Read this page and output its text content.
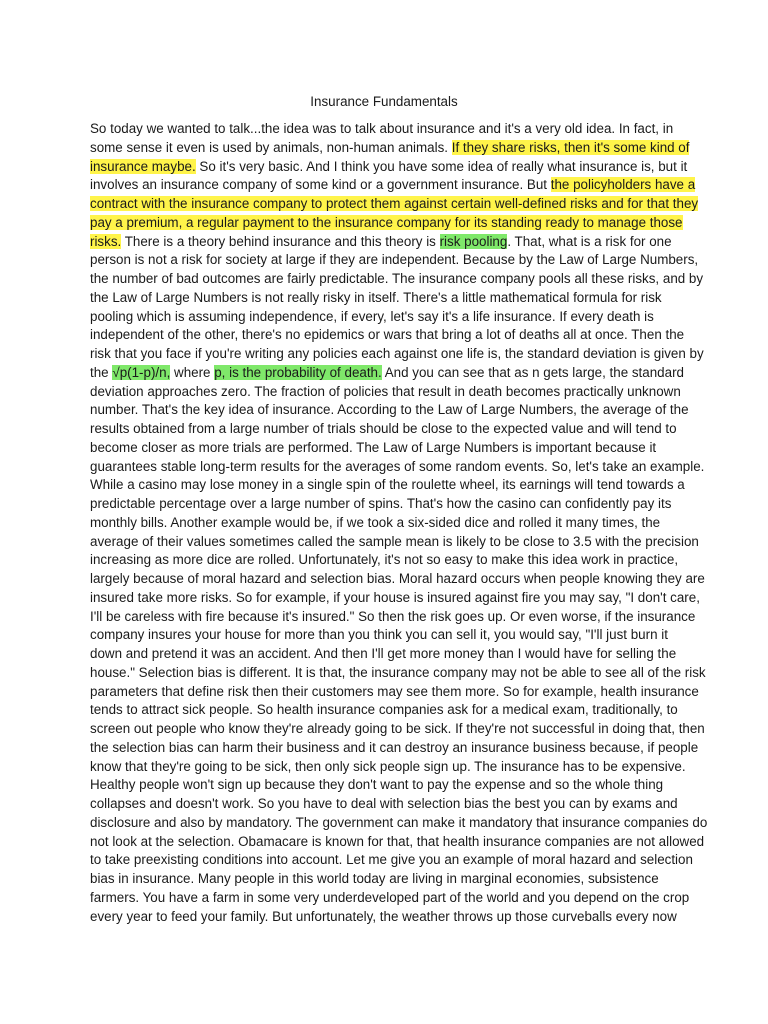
Insurance Fundamentals
So today we wanted to talk...the idea was to talk about insurance and it's a very old idea. In fact, in
some sense it even is used by animals, non-human animals. If they share risks, then it's some kind of
insurance maybe. So it's very basic. And I think you have some idea of really what insurance is, but it
involves an insurance company of some kind or a government insurance. But the policyholders have a
contract with the insurance company to protect them against certain well-defined risks and for that they
pay a premium, a regular payment to the insurance company for its standing ready to manage those
risks. There is a theory behind insurance and this theory is risk pooling. That, what is a risk for one
person is not a risk for society at large if they are independent. Because by the Law of Large Numbers,
the number of bad outcomes are fairly predictable. The insurance company pools all these risks, and by
the Law of Large Numbers is not really risky in itself. There's a little mathematical formula for risk
pooling which is assuming independence, if every, let's say it's a life insurance. If every death is
independent of the other, there's no epidemics or wars that bring a lot of deaths all at once. Then the
risk that you face if you're writing any policies each against one life is, the standard deviation is given by
the √p(1-p)/n, where p, is the probability of death. And you can see that as n gets large, the standard
deviation approaches zero. The fraction of policies that result in death becomes practically unknown
number. That's the key idea of insurance. According to the Law of Large Numbers, the average of the
results obtained from a large number of trials should be close to the expected value and will tend to
become closer as more trials are performed. The Law of Large Numbers is important because it
guarantees stable long-term results for the averages of some random events. So, let's take an example.
While a casino may lose money in a single spin of the roulette wheel, its earnings will tend towards a
predictable percentage over a large number of spins. That's how the casino can confidently pay its
monthly bills. Another example would be, if we took a six-sided dice and rolled it many times, the
average of their values sometimes called the sample mean is likely to be close to 3.5 with the precision
increasing as more dice are rolled. Unfortunately, it's not so easy to make this idea work in practice,
largely because of moral hazard and selection bias. Moral hazard occurs when people knowing they are
insured take more risks. So for example, if your house is insured against fire you may say, "I don't care,
I'll be careless with fire because it's insured." So then the risk goes up. Or even worse, if the insurance
company insures your house for more than you think you can sell it, you would say, "I'll just burn it
down and pretend it was an accident. And then I'll get more money than I would have for selling the
house." Selection bias is different. It is that, the insurance company may not be able to see all of the risk
parameters that define risk then their customers may see them more. So for example, health insurance
tends to attract sick people. So health insurance companies ask for a medical exam, traditionally, to
screen out people who know they're already going to be sick. If they're not successful in doing that, then
the selection bias can harm their business and it can destroy an insurance business because, if people
know that they're going to be sick, then only sick people sign up. The insurance has to be expensive.
Healthy people won't sign up because they don't want to pay the expense and so the whole thing
collapses and doesn't work. So you have to deal with selection bias the best you can by exams and
disclosure and also by mandatory. The government can make it mandatory that insurance companies do
not look at the selection. Obamacare is known for that, that health insurance companies are not allowed
to take preexisting conditions into account. Let me give you an example of moral hazard and selection
bias in insurance. Many people in this world today are living in marginal economies, subsistence
farmers. You have a farm in some very underdeveloped part of the world and you depend on the crop
every year to feed your family. But unfortunately, the weather throws up those curveballs every now
